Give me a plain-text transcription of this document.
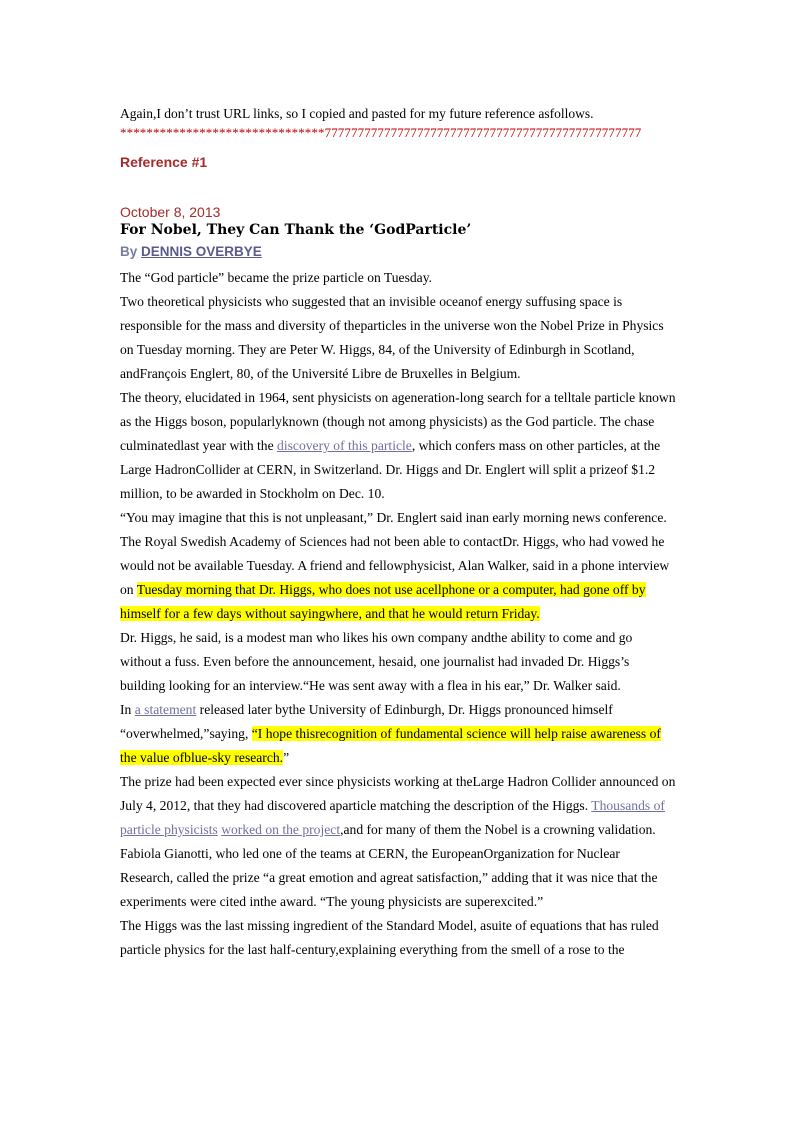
Again,I don’t trust URL links, so I copied and pasted for my future reference asfollows.
*******************************777777777777777777777777777777777777777777777777
Reference #1
October 8, 2013
For Nobel, They Can Thank the ‘GodParticle’
By DENNIS OVERBYE

The “God particle” became the prize particle on Tuesday.

Two theoretical physicists who suggested that an invisible oceanof energy suffusing space is responsible for the mass and diversity of theparticles in the universe won the Nobel Prize in Physics on Tuesday morning. They are Peter W. Higgs, 84, of the University of Edinburgh in Scotland, andFrançois Englert, 80, of the Université Libre de Bruxelles in Belgium.

The theory, elucidated in 1964, sent physicists on ageneration-long search for a telltale particle known as the Higgs boson, popularlyknown (though not among physicists) as the God particle. The chase culminatedlast year with the discovery of this particle, which confers mass on other particles, at the Large HadronCollider at CERN, in Switzerland. Dr. Higgs and Dr. Englert will split a prizeof $1.2 million, to be awarded in Stockholm on Dec. 10.

“You may imagine that this is not unpleasant,” Dr. Englert said inan early morning news conference.

The Royal Swedish Academy of Sciences had not been able to contactDr. Higgs, who had vowed he would not be available Tuesday. A friend and fellowphysicist, Alan Walker, said in a phone interview on Tuesday morning that Dr. Higgs, who does not use acellphone or a computer, had gone off by himself for a few days without sayingwhere, and that he would return Friday.

Dr. Higgs, he said, is a modest man who likes his own company andthe ability to come and go without a fuss. Even before the announcement, hesaid, one journalist had invaded Dr. Higgs’s building looking for an interview.“He was sent away with a flea in his ear,” Dr. Walker said.

In a statement released later bythe University of Edinburgh, Dr. Higgs pronounced himself “overwhelmed,”saying, “I hope thisrecognition of fundamental science will help raise awareness of the value ofblue-sky research.”

The prize had been expected ever since physicists working at theLarge Hadron Collider announced on July 4, 2012, that they had discovered aparticle matching the description of the Higgs. Thousands of particle physicists worked on the project,and for many of them the Nobel is a crowning validation.

Fabiola Gianotti, who led one of the teams at CERN, the EuropeanOrganization for Nuclear Research, called the prize “a great emotion and agreat satisfaction,” adding that it was nice that the experiments were cited inthe award. “The young physicists are superexcited.”

The Higgs was the last missing ingredient of the Standard Model, asuite of equations that has ruled particle physics for the last half-century,explaining everything from the smell of a rose to the
